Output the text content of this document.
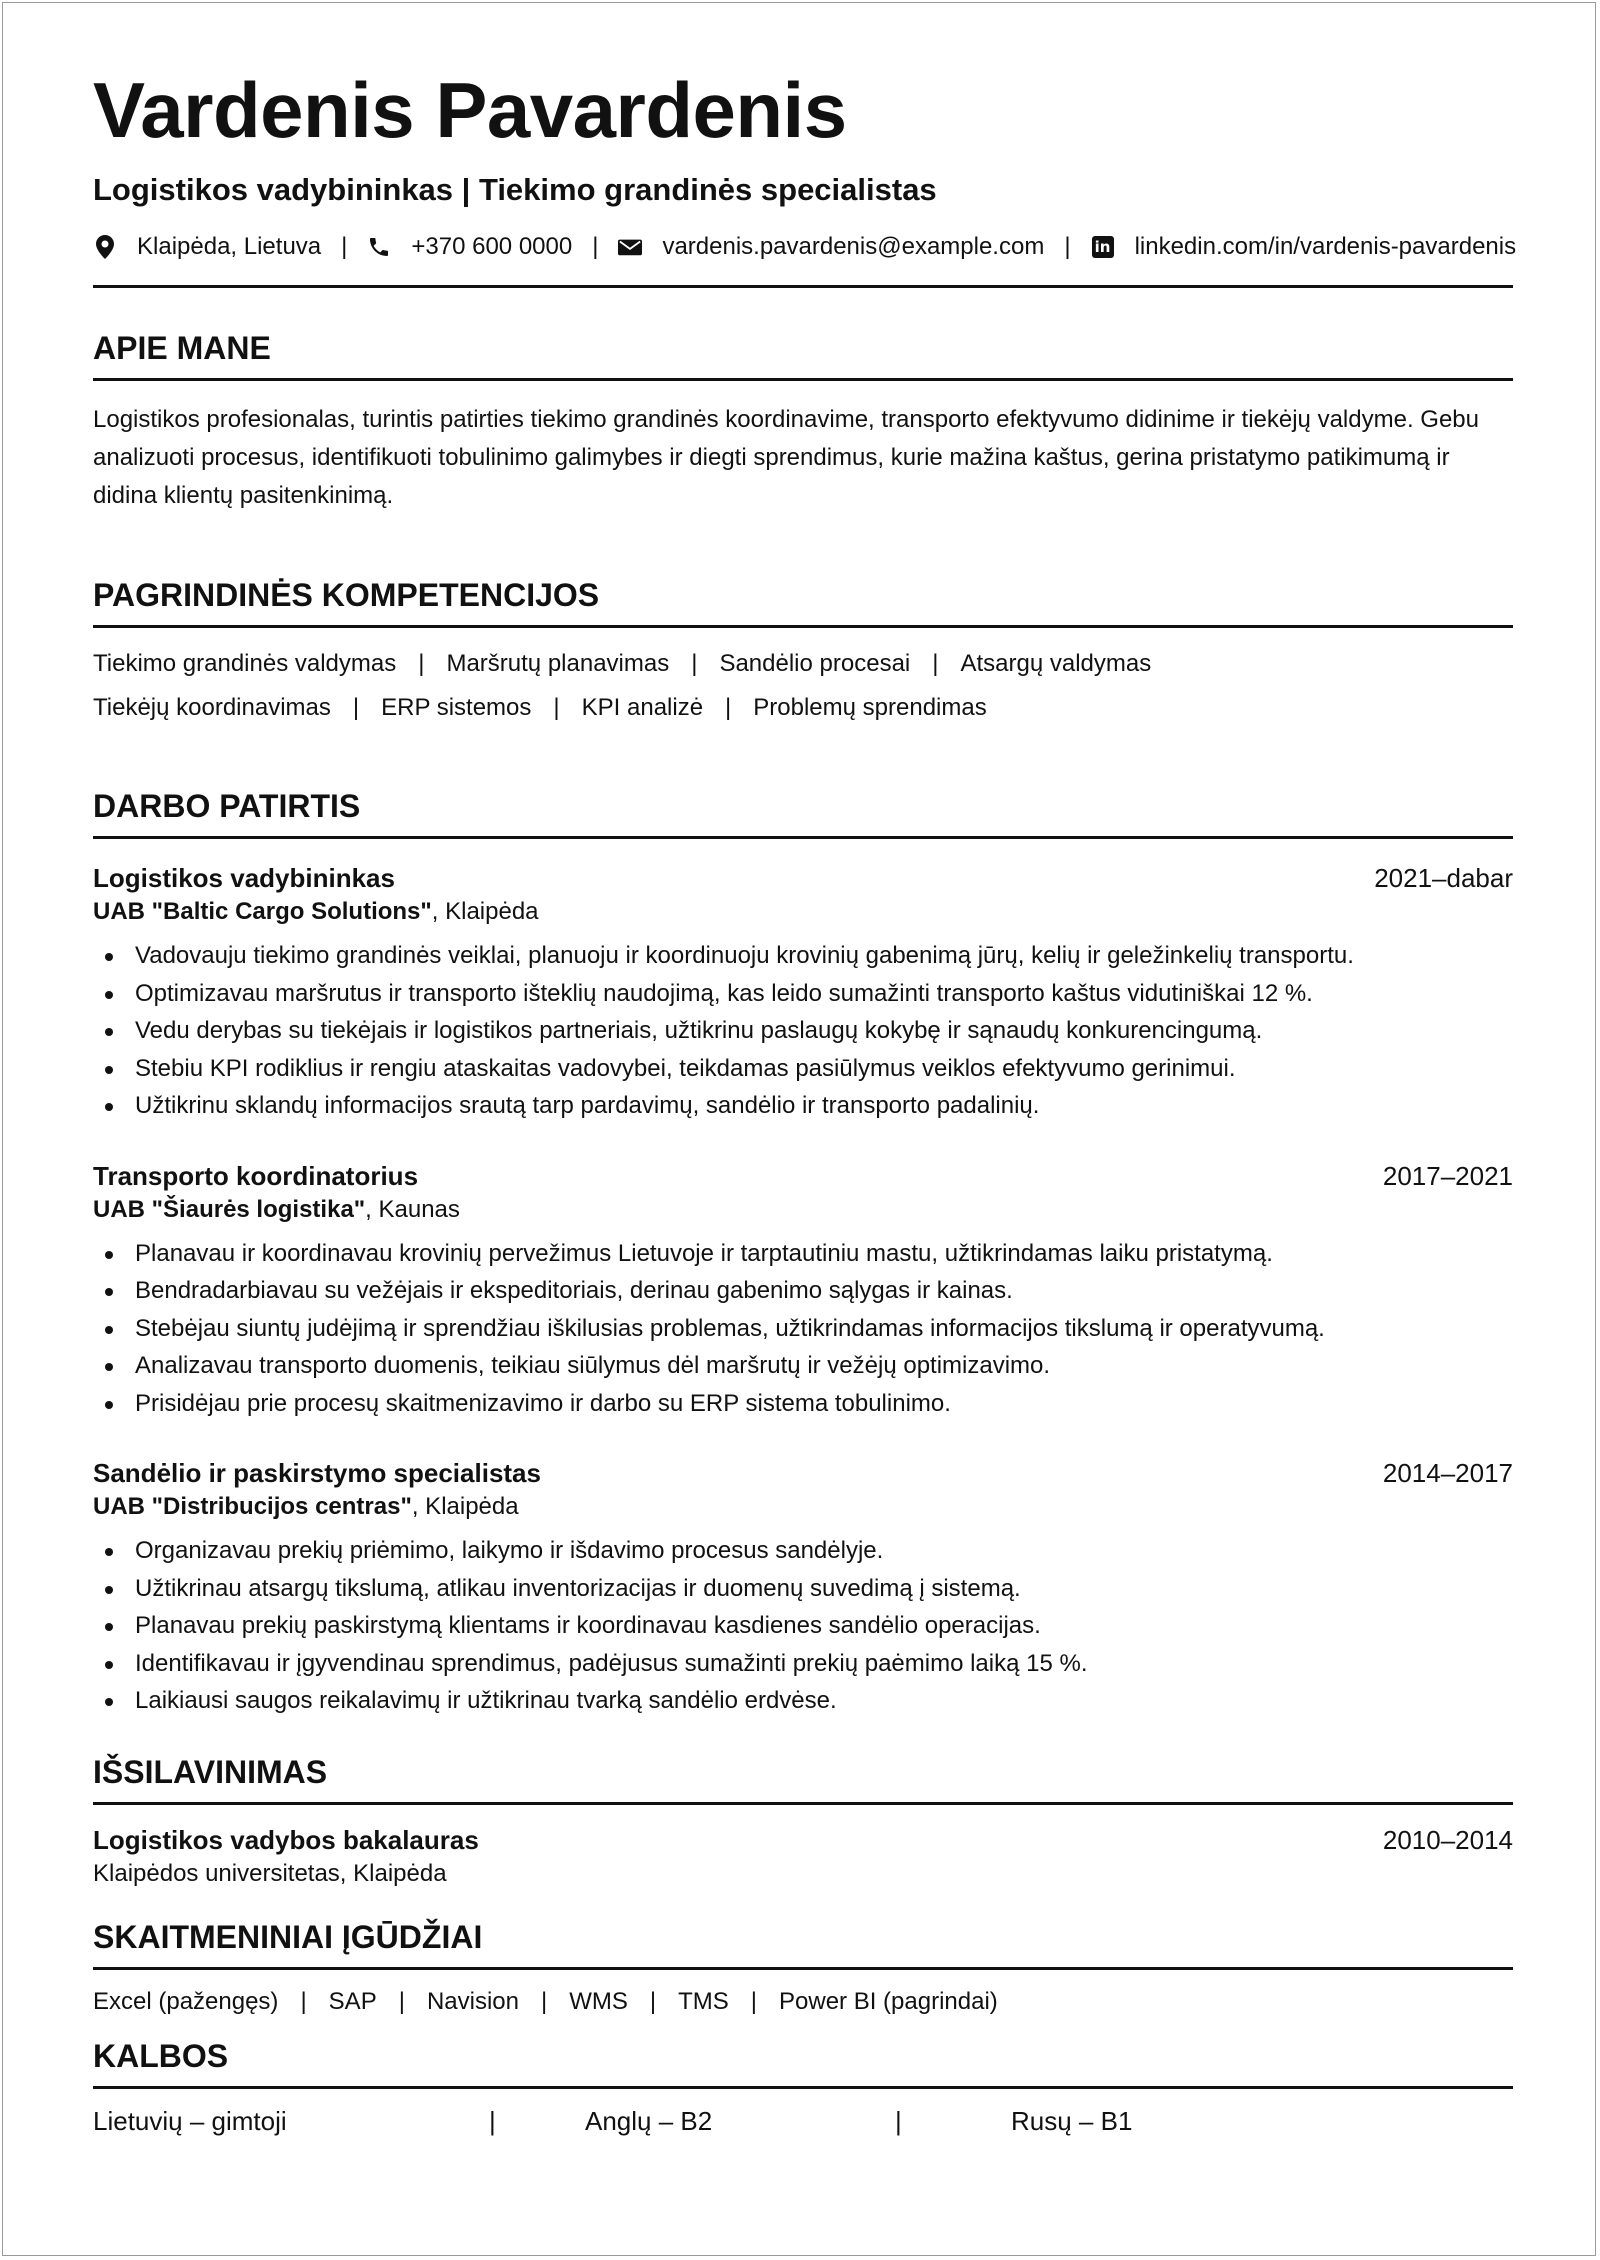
Vardenis Pavardenis
Logistikos vadybininkas | Tiekimo grandinės specialistas
Klaipėda, Lietuva |	+370 600 0000 |	vardenis.pavardenis@example.com | in linkedin.com/in/vardenis-pavardenis
APIE MANE
Logistikos profesionalas, turintis patirties tiekimo grandinės koordinavime, transporto efektyvumo didinime ir tiekėjų valdyme. Gebu analizuoti procesus, identifikuoti tobulinimo galimybes ir diegti sprendimus, kurie mažina kaštus, gerina pristatymo patikimumą ir didina klientų pasitenkinimą.
PAGRINDINĖS KOMPETENCIJOS
Tiekimo grandinės valdymas | Maršrutų planavimas | Sandėlio procesai | Atsargų valdymas
Tiekėjų koordinavimas | ERP sistemos | KPI analizė | Problemų sprendimas
DARBO PATIRTIS
Logistikos vadybininkas	2021–dabar
UAB "Baltic Cargo Solutions", Klaipėda
Vadovauju tiekimo grandinės veiklai, planuoju ir koordinuoju krovinių gabenimą jūrų, kelių ir geležinkelių transportu.
Optimizavau maršrutus ir transporto išteklių naudojimą, kas leido sumažinti transporto kaštus vidutiniškai 12 %.
Vedu derybas su tiekėjais ir logistikos partneriais, užtikrinu paslaugų kokybę ir sąnaudų konkurencingumą.
Stebiu KPI rodiklius ir rengiu ataskaitas vadovybei, teikdamas pasiūlymus veiklos efektyvumo gerinimui.
Užtikrinu sklandų informacijos srautą tarp pardavimų, sandėlio ir transporto padalinių.
Transporto koordinatorius	2017–2021
UAB "Šiaurės logistika", Kaunas
Planavau ir koordinavau krovinių pervežimus Lietuvoje ir tarptautiniu mastu, užtikrindamas laiku pristatymą.
Bendradarbiavau su vežėjais ir ekspeditoriais, derinau gabenimo sąlygas ir kainas.
Stebėjau siuntų judėjimą ir sprendžiau iškilusias problemas, užtikrindamas informacijos tikslumą ir operatyvumą.
Analizavau transporto duomenis, teikiau siūlymus dėl maršrutų ir vežėjų optimizavimo.
Prisidėjau prie procesų skaitmenizavimo ir darbo su ERP sistema tobulinimo.
Sandėlio ir paskirstymo specialistas	2014–2017
UAB "Distribucijos centras", Klaipėda
Organizavau prekių priėmimo, laikymo ir išdavimo procesus sandėlyje.
Užtikrinau atsargų tikslumą, atlikau inventorizacijas ir duomenų suvedimą į sistemą.
Planavau prekių paskirstymą klientams ir koordinavau kasdienes sandėlio operacijas.
Identifikavau ir įgyvendinau sprendimus, padėjusus sumažinti prekių paėmimo laiką 15 %.
Laikiausi saugos reikalavimų ir užtikrinau tvarką sandėlio erdvėse.
IŠSILAVINIMAS
Logistikos vadybos bakalauras	2010–2014
Klaipėdos universitetas, Klaipėda
SKAITMENINIAI ĮGŪDŽIAI
Excel (pažengęs) | SAP | Navision | WMS | TMS | Power BI (pagrindai)
KALBOS
Lietuvių – gimtoji	|	Anglų – B2	|	Rusų – B1
